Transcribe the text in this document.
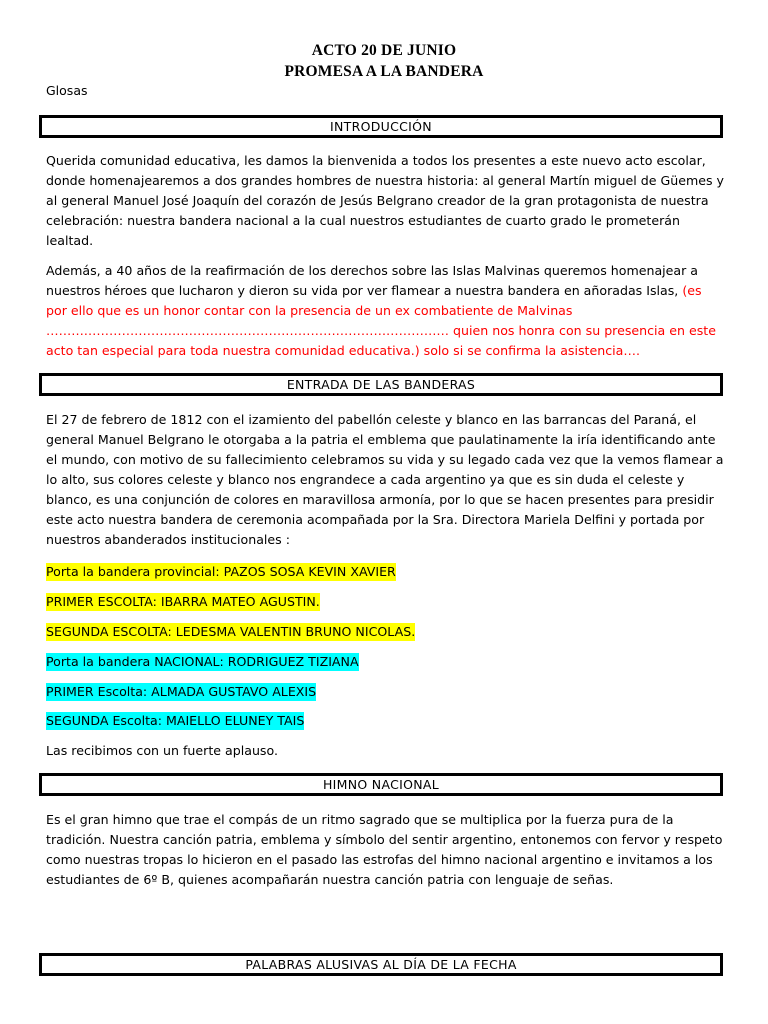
ACTO 20 DE JUNIO
PROMESA A LA BANDERA
Glosas
INTRODUCCIÓN

Querida comunidad educativa, les damos la bienvenida a todos los presentes a este nuevo acto escolar, donde homenajearemos a dos grandes hombres de nuestra historia: al general Martín miguel de Güemes y al general Manuel José Joaquín del corazón de Jesús Belgrano creador de la gran protagonista de nuestra celebración: nuestra bandera nacional a la cual nuestros estudiantes de cuarto grado le prometerán lealtad.

Además, a 40 años de la reafirmación de los derechos sobre las Islas Malvinas queremos homenajear a nuestros héroes que lucharon y dieron su vida por ver flamear a nuestra bandera en añoradas Islas, (es por ello que es un honor contar con la presencia de un ex combatiente de Malvinas …………………………………………………………………………………… quien nos honra con su presencia en este acto tan especial para toda nuestra comunidad educativa.) solo si se confirma la asistencia….

ENTRADA DE LAS BANDERAS

El 27 de febrero de 1812 con el izamiento del pabellón celeste y blanco en las barrancas del Paraná, el general Manuel Belgrano le otorgaba a la patria el emblema que paulatinamente la iría identificando ante el mundo, con motivo de su fallecimiento celebramos su vida y su legado cada vez que la vemos flamear a lo alto, sus colores celeste y blanco nos engrandece a cada argentino ya que es sin duda el celeste y blanco, es una conjunción de colores en maravillosa armonía, por lo que se hacen presentes para presidir este acto nuestra bandera de ceremonia acompañada por la Sra. Directora Mariela Delfini y portada por nuestros abanderados institucionales :

Porta la bandera provincial: PAZOS SOSA KEVIN XAVIER
PRIMER ESCOLTA: IBARRA MATEO AGUSTIN.
SEGUNDA ESCOLTA: LEDESMA VALENTIN BRUNO NICOLAS.
Porta la bandera NACIONAL: RODRIGUEZ TIZIANA
PRIMER Escolta: ALMADA GUSTAVO ALEXIS
SEGUNDA Escolta: MAIELLO ELUNEY TAIS
Las recibimos con un fuerte aplauso.
HIMNO NACIONAL

Es el gran himno que trae el compás de un ritmo sagrado que se multiplica por la fuerza pura de la tradición. Nuestra canción patria, emblema y símbolo del sentir argentino, entonemos con fervor y respeto como nuestras tropas lo hicieron en el pasado las estrofas del himno nacional argentino e invitamos a los estudiantes de 6º B, quienes acompañarán nuestra canción patria con lenguaje de señas.

PALABRAS ALUSIVAS AL DÍA DE LA FECHA
